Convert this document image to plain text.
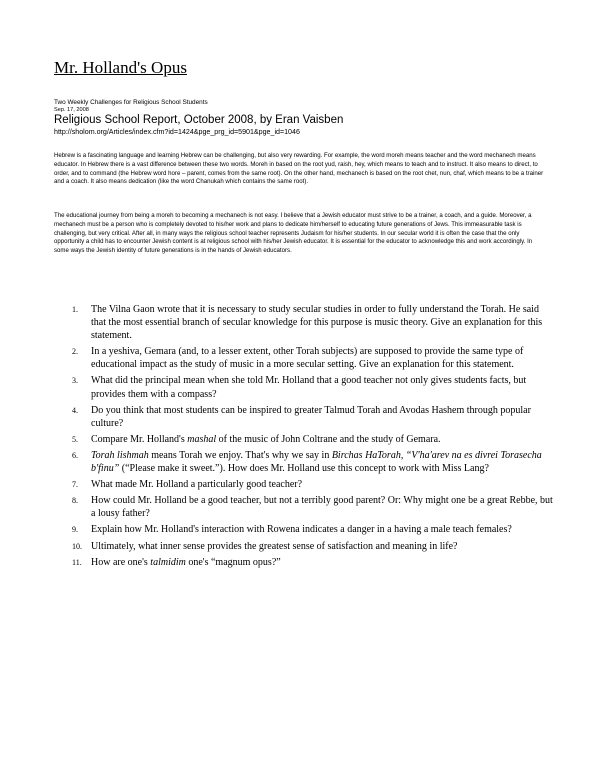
Mr. Holland's Opus
Two Weekly Challenges for Religious School Students
Sep. 17, 2008
Religious School Report, October 2008, by Eran Vaisben
http://sholom.org/Articles/index.cfm?id=1424&pge_prg_id=5901&pge_id=1046

Hebrew is a fascinating language and learning Hebrew can be challenging, but also very rewarding. For example, the word moreh means teacher and the word mechanech means educator. In Hebrew there is a vast difference between these two words. Moreh in based on the root yud, raish, hey, which means to teach and to instruct. It also means to direct, to order, and to command (the Hebrew word hore – parent, comes from the same root). On the other hand, mechanech is based on the root chet, nun, chaf, which means to be a trainer and a coach. It also means dedication (like the word Chanukah which contains the same root).

The educational journey from being a moreh to becoming a mechanech is not easy. I believe that a Jewish educator must strive to be a trainer, a coach, and a guide. Moreover, a mechanech must be a person who is completely devoted to his/her work and plans to dedicate him/herself to educating future generations of Jews. This immeasurable task is challenging, but very critical. After all, in many ways the religious school teacher represents Judaism for his/her students. In our secular world it is often the case that the only opportunity a child has to encounter Jewish content is at religious school with his/her Jewish educator. It is essential for the educator to acknowledge this and work accordingly. In some ways the Jewish identity of future generations is in the hands of Jewish educators.

1. The Vilna Gaon wrote that it is necessary to study secular studies in order to fully understand the Torah. He said that the most essential branch of secular knowledge for this purpose is music theory. Give an explanation for this statement.
2. In a yeshiva, Gemara (and, to a lesser extent, other Torah subjects) are supposed to provide the same type of educational impact as the study of music in a more secular setting. Give an explanation for this statement.
3. What did the principal mean when she told Mr. Holland that a good teacher not only gives students facts, but provides them with a compass?
4. Do you think that most students can be inspired to greater Talmud Torah and Avodas Hashem through popular culture?
5. Compare Mr. Holland's mashal of the music of John Coltrane and the study of Gemara.
6. Torah lishmah means Torah we enjoy. That's why we say in Birchas HaTorah, “V'ha'arev na es divrei Torasecha b'finu” (“Please make it sweet.”). How does Mr. Holland use this concept to work with Miss Lang?
7. What made Mr. Holland a particularly good teacher?
8. How could Mr. Holland be a good teacher, but not a terribly good parent? Or: Why might one be a great Rebbe, but a lousy father?
9. Explain how Mr. Holland's interaction with Rowena indicates a danger in a having a male teach females?
10. Ultimately, what inner sense provides the greatest sense of satisfaction and meaning in life?
11. How are one's talmidim one's “magnum opus?”
